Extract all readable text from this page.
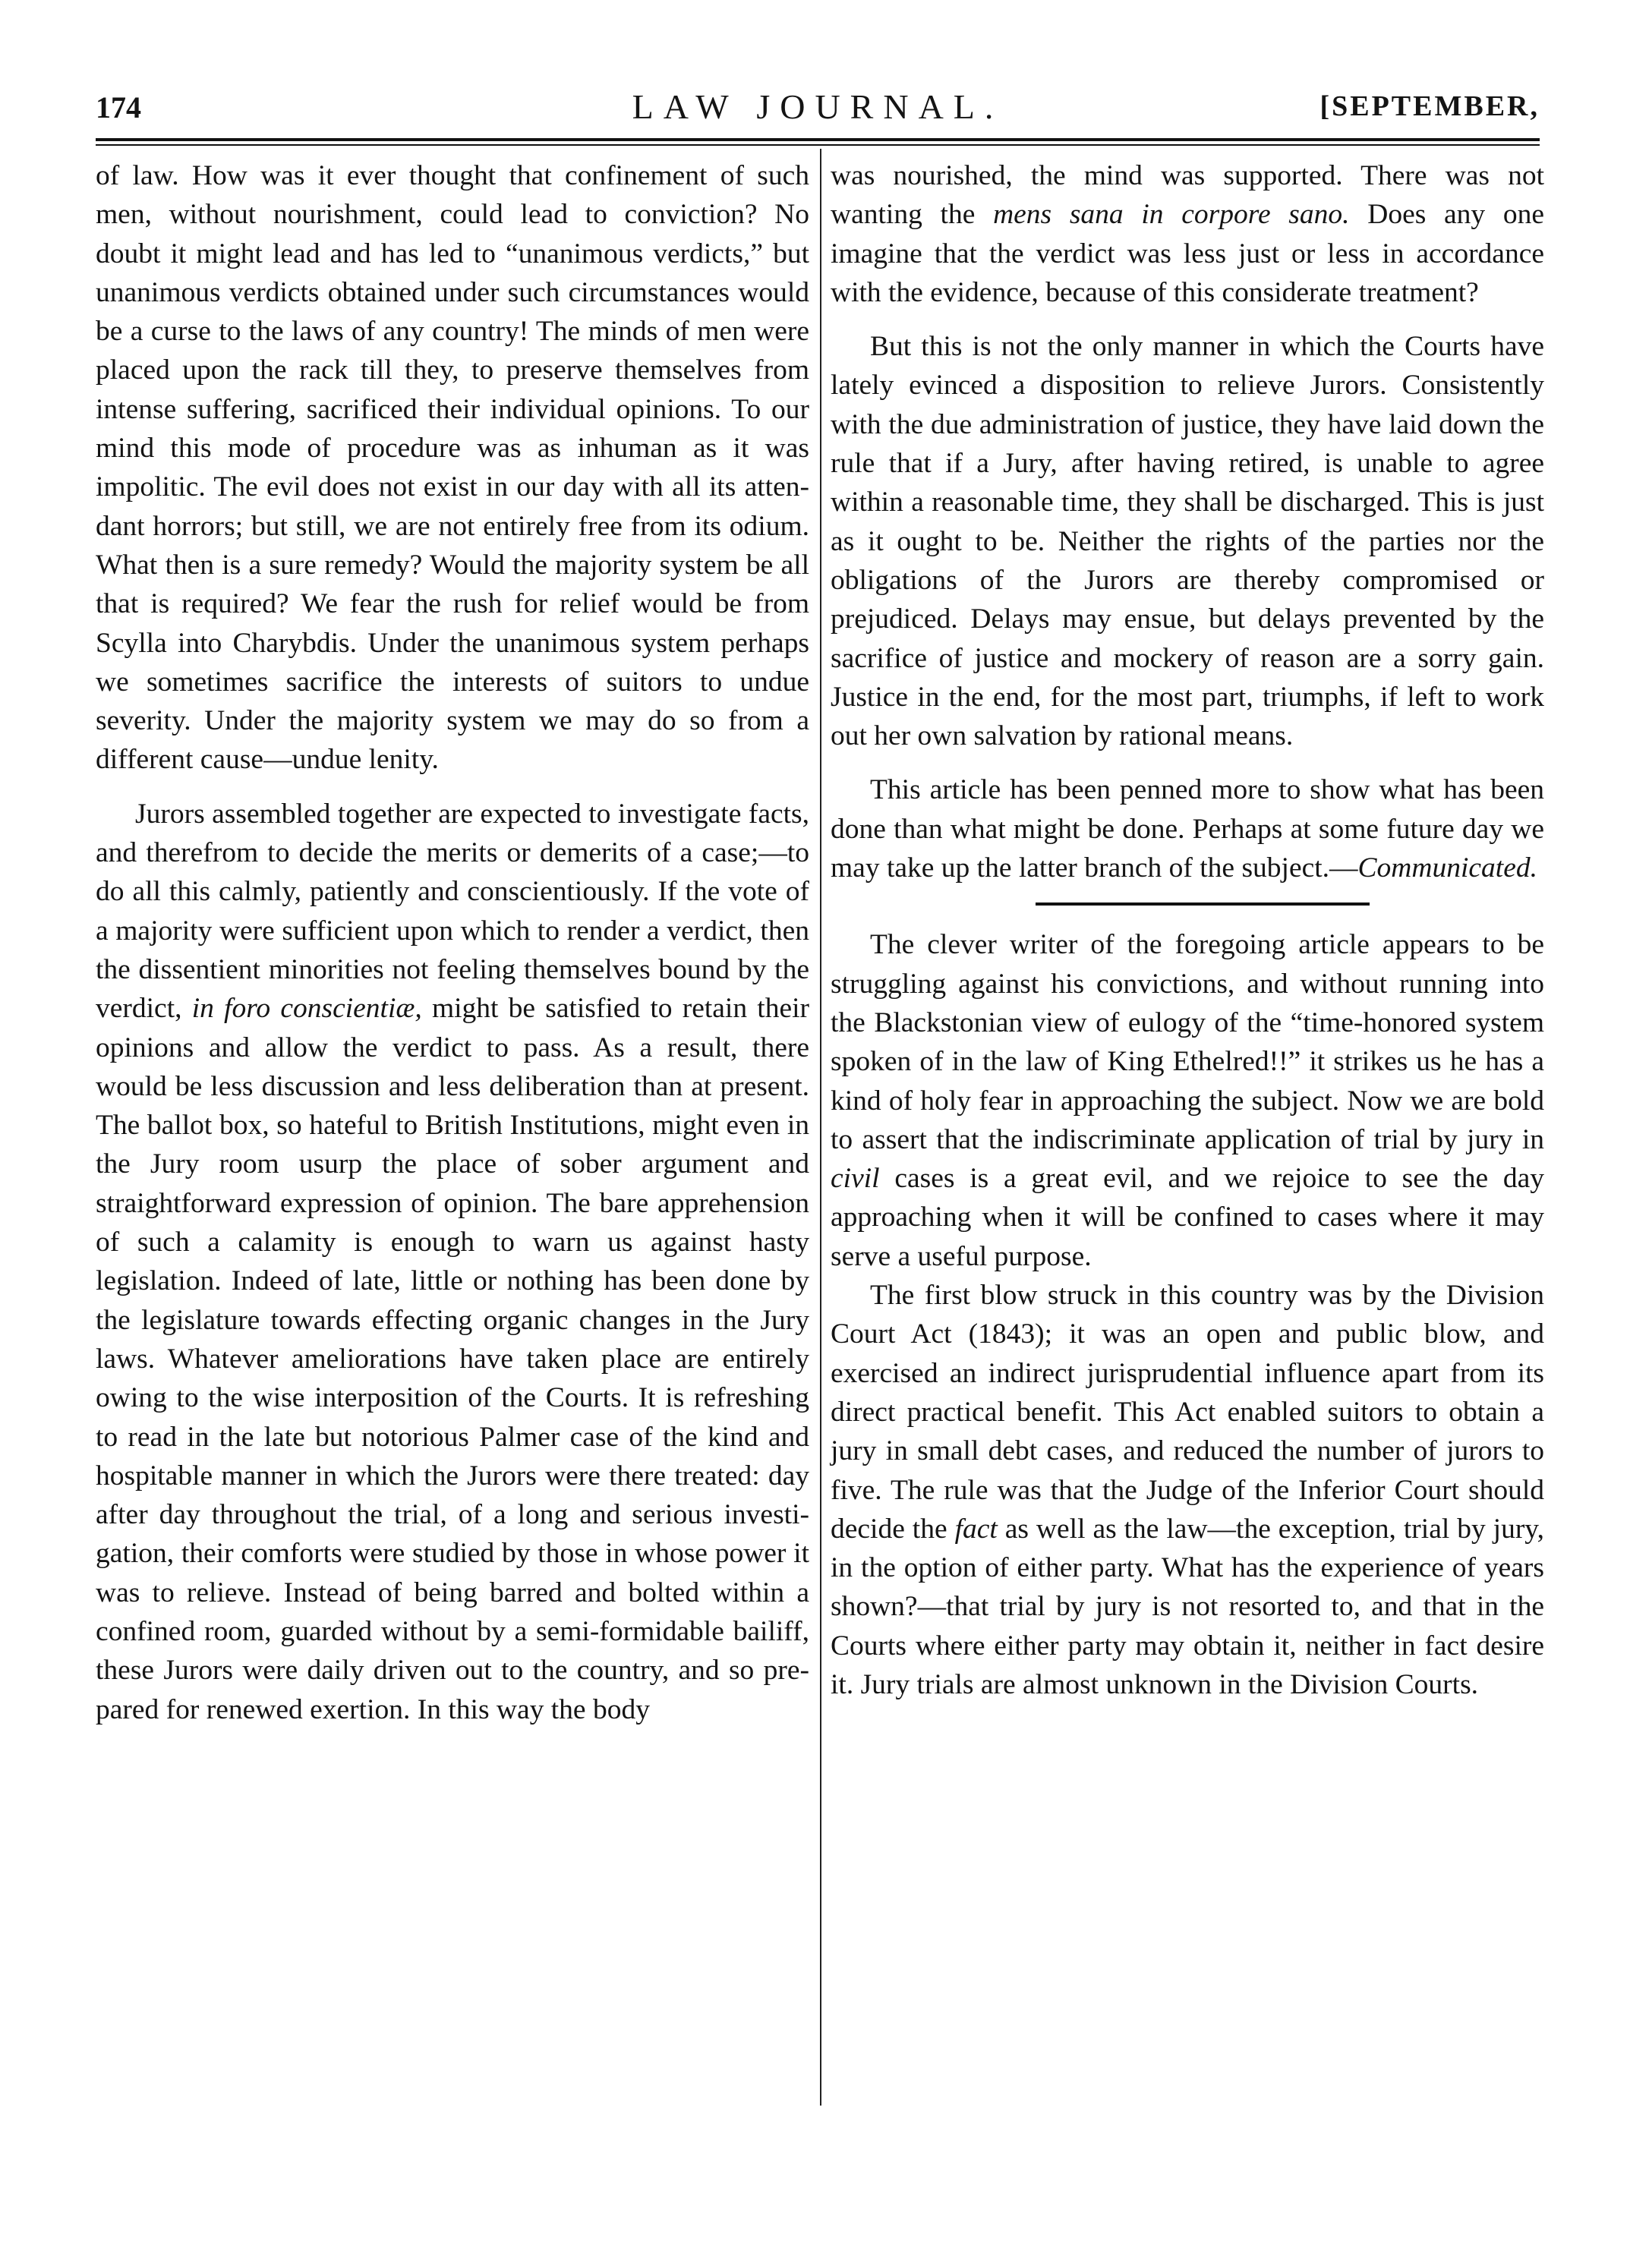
174	LAW JOURNAL.	[SEPTEMBER,

of law. How was it ever thought that confinement of such men, without nourishment, could lead to conviction? No doubt it might lead and has led to “unanimous verdicts,” but unanimous verdicts obtained under such circumstances would be a curse to the laws of any country! The minds of men were placed upon the rack till they, to preserve themselves from intense suffering, sacrificed their individual opinions. To our mind this mode of procedure was as inhuman as it was impolitic. The evil does not exist in our day with all its attendant horrors; but still, we are not entirely free from its odium. What then is a sure remedy? Would the majority system be all that is required? We fear the rush for relief would be from Scylla into Charybdis. Under the unanimous system perhaps we sometimes sacrifice the interests of suitors to undue severity. Under the majority system we may do so from a different cause—undue lenity.

Jurors assembled together are expected to investigate facts, and therefrom to decide the merits or demerits of a case;—to do all this calmly, patiently and conscientiously. If the vote of a majority were sufficient upon which to render a verdict, then the dissentient minorities not feeling themselves bound by the verdict, in foro conscientiæ, might be satisfied to retain their opinions and allow the verdict to pass. As a result, there would be less discussion and less deliberation than at present. The ballot box, so hateful to British Institutions, might even in the Jury room usurp the place of sober argument and straightforward expression of opinion. The bare apprehension of such a calamity is enough to warn us against hasty legislation. Indeed of late, little or nothing has been done by the legislature towards effecting organic changes in the Jury laws. Whatever ameliorations have taken place are entirely owing to the wise interposition of the Courts. It is refreshing to read in the late but notorious Palmer case of the kind and hospitable manner in which the Jurors were there treated: day after day throughout the trial, of a long and serious investigation, their comforts were studied by those in whose power it was to relieve. Instead of being barred and bolted within a confined room, guarded without by a semi-formidable bailiff, these Jurors were daily driven out to the country, and so prepared for renewed exertion. In this way the body

was nourished, the mind was supported. There was not wanting the mens sana in corpore sano. Does any one imagine that the verdict was less just or less in accordance with the evidence, because of this considerate treatment?

But this is not the only manner in which the Courts have lately evinced a disposition to relieve Jurors. Consistently with the due administration of justice, they have laid down the rule that if a Jury, after having retired, is unable to agree within a reasonable time, they shall be discharged. This is just as it ought to be. Neither the rights of the parties nor the obligations of the Jurors are thereby compromised or prejudiced. Delays may ensue, but delays prevented by the sacrifice of justice and mockery of reason are a sorry gain. Justice in the end, for the most part, triumphs, if left to work out her own salvation by rational means.

This article has been penned more to show what has been done than what might be done. Perhaps at some future day we may take up the latter branch of the subject.—Communicated.

The clever writer of the foregoing article appears to be struggling against his convictions, and without running into the Blackstonian view of eulogy of the “time-honored system spoken of in the law of King Ethelred!!” it strikes us he has a kind of holy fear in approaching the subject. Now we are bold to assert that the indiscriminate application of trial by jury in civil cases is a great evil, and we rejoice to see the day approaching when it will be confined to cases where it may serve a useful purpose.

The first blow struck in this country was by the Division Court Act (1843); it was an open and public blow, and exercised an indirect jurisprudential influence apart from its direct practical benefit. This Act enabled suitors to obtain a jury in small debt cases, and reduced the number of jurors to five. The rule was that the Judge of the Inferior Court should decide the fact as well as the law—the exception, trial by jury, in the option of either party. What has the experience of years shown?—that trial by jury is not resorted to, and that in the Courts where either party may obtain it, neither in fact desire it. Jury trials are almost unknown in the Division Courts.
